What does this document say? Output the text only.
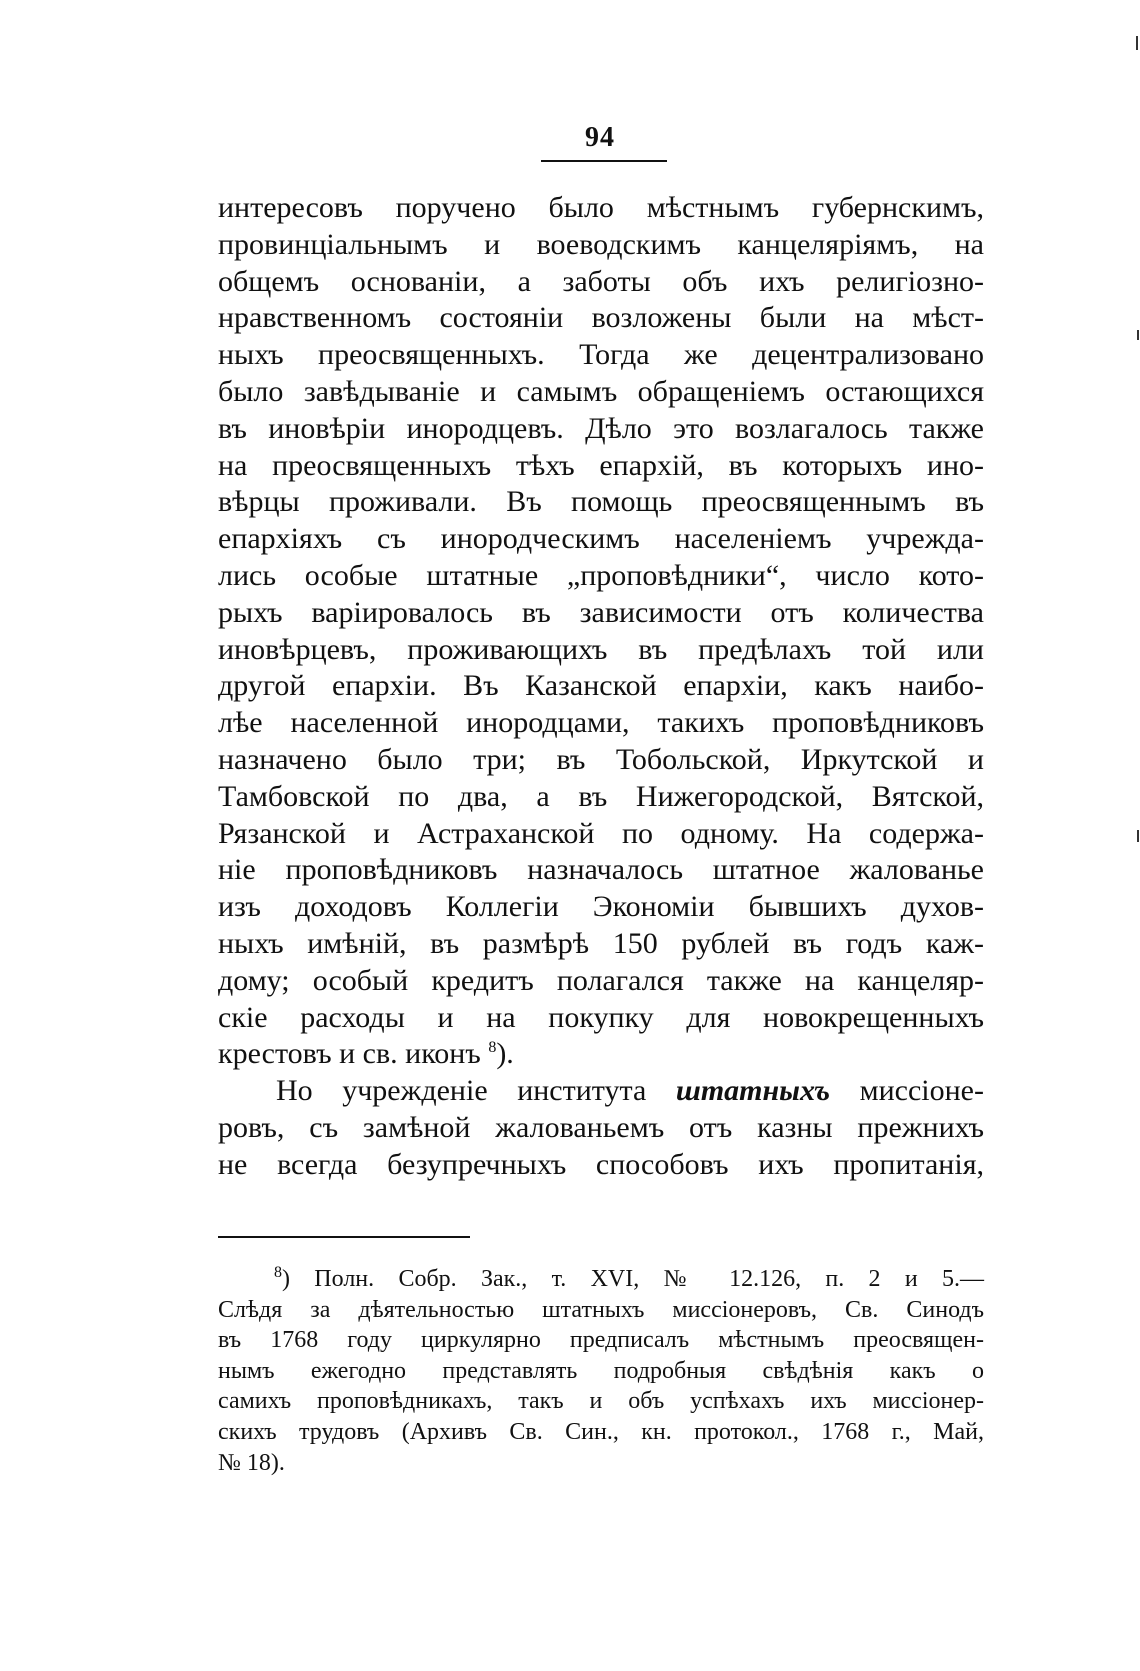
94
интересовъ поручено было мѣстнымъ губернскимъ,
провинціальнымъ и воеводскимъ канцеляріямъ, на
общемъ основаніи, а заботы объ ихъ религіозно-
нравственномъ состояніи возложены были на мѣст-
ныхъ преосвященныхъ. Тогда же децентрализовано
было завѣдываніе и самымъ обращеніемъ остающихся
въ иновѣріи инородцевъ. Дѣло это возлагалось также
на преосвященныхъ тѣхъ епархій, въ которыхъ ино-
вѣрцы проживали. Въ помощь преосвященнымъ въ
епархіяхъ съ инородческимъ населеніемъ учрежда-
лись особые штатные „проповѣдники“, число кото-
рыхъ варіировалось въ зависимости отъ количества
иновѣрцевъ, проживающихъ въ предѣлахъ той или
другой епархіи. Въ Казанской епархіи, какъ наибо-
лѣе населенной инородцами, такихъ проповѣдниковъ
назначено было три; въ Тобольской, Иркутской и
Тамбовской по два, а въ Нижегородской, Вятской,
Рязанской и Астраханской по одному. На содержа-
ніе проповѣдниковъ назначалось штатное жалованье
изъ доходовъ Коллегіи Экономіи бывшихъ духов-
ныхъ имѣній, въ размѣрѣ 150 рублей въ годъ каж-
дому; особый кредитъ полагался также на канцеляр-
скіе расходы и на покупку для новокрещенныхъ
крестовъ и св. иконъ $^8$).
Но учрежденіе института штатныхъ миссіоне-
ровъ, съ замѣной жалованьемъ отъ казны прежнихъ
не всегда безупречныхъ способовъ ихъ пропитанія,
$^8$) Полн. Собр. Зак., т. XVI, № 12.126, п. 2 и 5.—
Слѣдя за дѣятельностью штатныхъ миссіонеровъ, Св. Синодъ
въ 1768 году циркулярно предписалъ мѣстнымъ преосвящен-
нымъ ежегодно представлять подробныя свѣдѣнія какъ о
самихъ проповѣдникахъ, такъ и объ успѣхахъ ихъ миссіонер-
скихъ трудовъ (Архивъ Св. Син., кн. протокол., 1768 г., Май,
№ 18).
